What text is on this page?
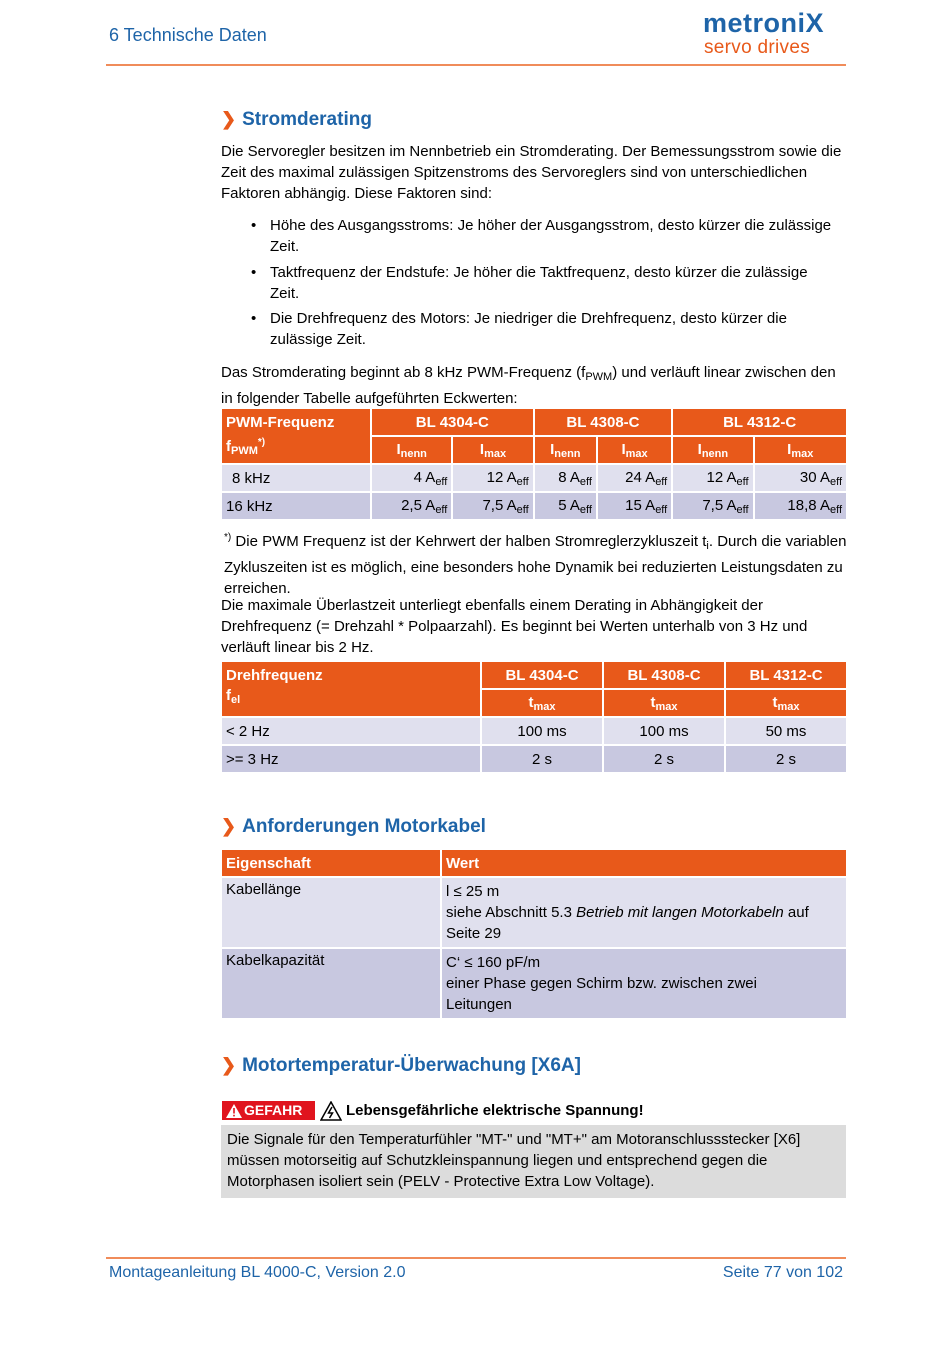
6 Technische Daten	metroniX
servo drives
❯ Stromderating
Die Servoregler besitzen im Nennbetrieb ein Stromderating. Der Bemessungsstrom sowie die Zeit des maximal zulässigen Spitzenstroms des Servoreglers sind von unterschiedlichen Faktoren abhängig. Diese Faktoren sind:
• Höhe des Ausgangsstroms: Je höher der Ausgangsstrom, desto kürzer die zulässige Zeit.
• Taktfrequenz der Endstufe: Je höher die Taktfrequenz, desto kürzer die zulässige Zeit.
• Die Drehfrequenz des Motors: Je niedriger die Drehfrequenz, desto kürzer die zulässige Zeit.
Das Stromderating beginnt ab 8 kHz PWM-Frequenz $(f_{PWM})$ und verläuft linear zwischen den in folgender Tabelle aufgeführten Eckwerten:
PWM-Frequenz
$f_{PWM}^{*)}$	BL 4304-C		BL 4308-C		BL 4312-C	
	$I_{nenn}$	$I_{max}$	$I_{nenn}$	$I_{max}$	$I_{nenn}$	$I_{max}$
8 kHz	4 $A_{eff}$	12 $A_{eff}$	8 $A_{eff}$	24 $A_{eff}$	12 $A_{eff}$	30 $A_{eff}$
16 kHz	2,5 $A_{eff}$	7,5 $A_{eff}$	5 $A_{eff}$	15 $A_{eff}$	7,5 $A_{eff}$	18,8 $A_{eff}$
*) Die PWM Frequenz ist der Kehrwert der halben Stromreglerzykluszeit $t_i$. Durch die variablen Zykluszeiten ist es möglich, eine besonders hohe Dynamik bei reduzierten Leistungsdaten zu erreichen.
Die maximale Überlastzeit unterliegt ebenfalls einem Derating in Abhängigkeit der Drehfrequenz (= Drehzahl * Polpaarzahl). Es beginnt bei Werten unterhalb von 3 Hz und verläuft linear bis 2 Hz.
Drehfrequenz
$f_{el}$	BL 4304-C	BL 4308-C	BL 4312-C
	$t_{max}$	$t_{max}$	$t_{max}$
< 2 Hz	100 ms	100 ms	50 ms
>= 3 Hz	2 s	2 s	2 s
❯ Anforderungen Motorkabel
Eigenschaft	Wert
Kabellänge	l ≤ 25 m
siehe Abschnitt 5.3 Betrieb mit langen Motorkabeln auf
Seite 29

Kabelkapazität	C‘ ≤ 160 pF/m
einer Phase gegen Schirm bzw. zwischen zwei
Leitungen
❯ Motortemperatur-Überwachung [X6A]
GEFAHR	Lebensgefährliche elektrische Spannung!
Die Signale für den Temperaturfühler "MT-" und "MT+" am Motoranschlussstecker [X6] müssen motorseitig auf Schutzkleinspannung liegen und entsprechend gegen die Motorphasen isoliert sein (PELV - Protective Extra Low Voltage).
Montageanleitung BL 4000-C, Version 2.0	Seite 77 von 102
